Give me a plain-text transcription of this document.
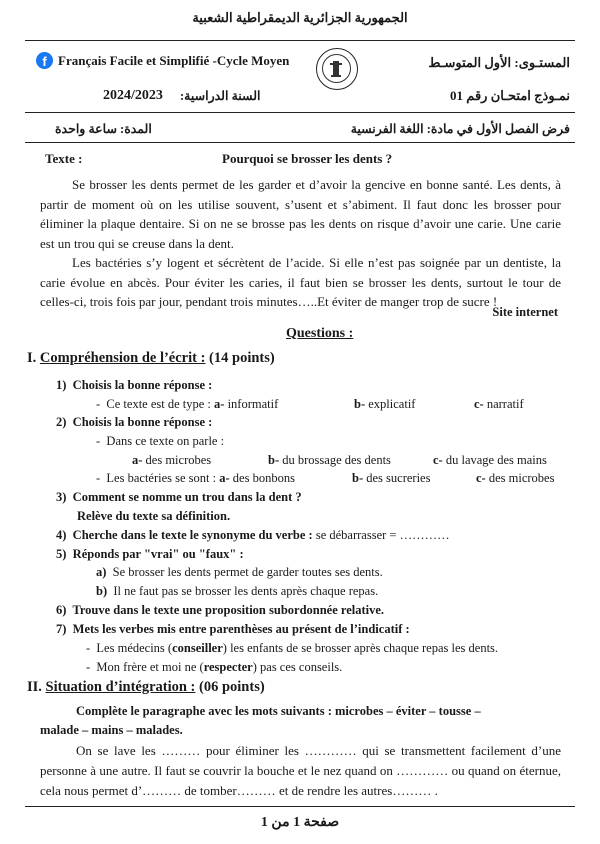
الجمهورية الجزائرية الديمقراطية الشعبية
f Français Facile et Simplifié -Cycle Moyen	المستـوى: الأول المتوسـط
2024/2023 السنة الدراسية:	نمـوذج امتحـان رقم 01
المدة: ساعة واحدة	فرض الفصل الأول في مادة: اللغة الفرنسية
Texte :	Pourquoi se brosser les dents ?

Se brosser les dents permet de les garder et d’avoir la gencive en bonne santé. Les dents, à partir de moment où on les utilise souvent, s’usent et s’abiment. Il faut donc les brosser pour éliminer la plaque dentaire. Si on ne se brosse pas les dents on risque d’avoir une carie. Une carie est un trou qui se creuse dans la dent.

Les bactéries s’y logent et sécrètent de l’acide. Si elle n’est pas soignée par un dentiste, la carie évolue en abcès. Pour éviter les caries, il faut bien se brosser les dents, surtout le tour de celles-ci, trois fois par jour, pendant trois minutes…..Et éviter de manger trop de sucre !

Site internet
Questions :
I. Compréhension de l’écrit : (14 points)
1) Choisis la bonne réponse :
- Ce texte est de type : a- informatif	b- explicatif	c- narratif
2) Choisis la bonne réponse :
- Dans ce texte on parle :
a- des microbes	b- du brossage des dents	c- du lavage des mains
- Les bactéries se sont : a- des bonbons	b- des sucreries	c- des microbes
3) Comment se nomme un trou dans la dent ?
Relève du texte sa définition.
4) Cherche dans le texte le synonyme du verbe : se débarrasser = …………
5) Réponds par "vrai" ou "faux" :
a) Se brosser les dents permet de garder toutes ses dents.
b) Il ne faut pas se brosser les dents après chaque repas.
6) Trouve dans le texte une proposition subordonnée relative.
7) Mets les verbes mis entre parenthèses au présent de l’indicatif :
- Les médecins (conseiller) les enfants de se brosser après chaque repas les dents.
- Mon frère et moi ne (respecter) pas ces conseils.
II. Situation d’intégration : (06 points)
Complète le paragraphe avec les mots suivants : microbes – éviter – tousse –
malade – mains – malades.

On se lave les ……… pour éliminer les ………… qui se transmettent facilement d’une personne à une autre. Il faut se couvrir la bouche et le nez quand on ………… ou quand on éternue, cela nous permet d’……… de tomber……… et de rendre les autres……… .

صفحة 1 من 1
